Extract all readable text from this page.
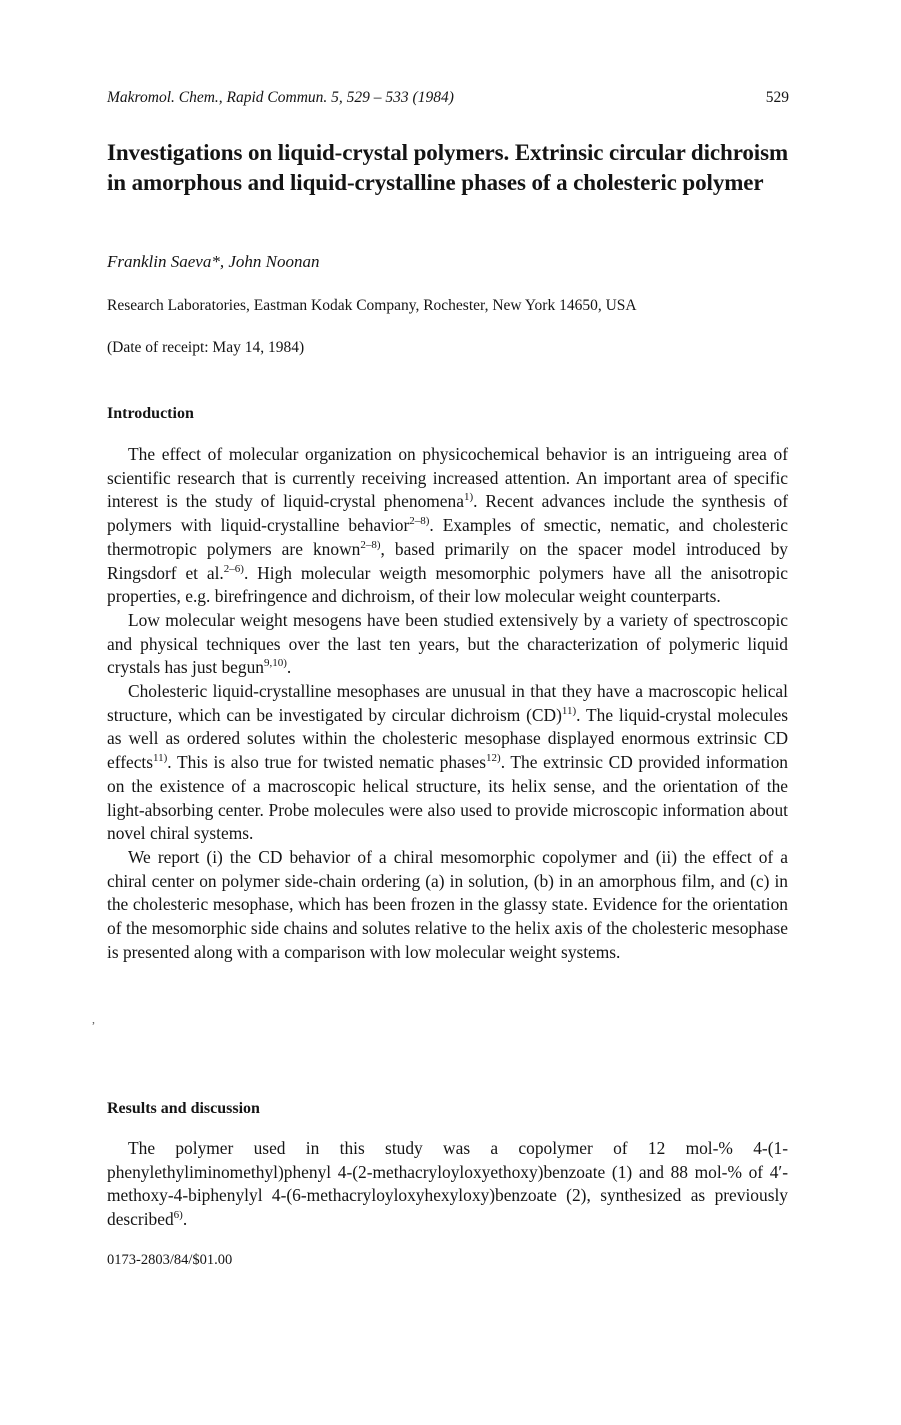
Makromol. Chem., Rapid Commun. 5, 529 – 533 (1984)	529
Investigations on liquid-crystal polymers. Extrinsic circular dichroism in amorphous and liquid-crystalline phases of a cholesteric polymer
Franklin Saeva*, John Noonan
Research Laboratories, Eastman Kodak Company, Rochester, New York 14650, USA
(Date of receipt: May 14, 1984)
Introduction

The effect of molecular organization on physicochemical behavior is an intrigueing area of scientific research that is currently receiving increased attention. An important area of specific interest is the study of liquid-crystal phenomena$^{1)}$. Recent advances include the synthesis of polymers with liquid-crystalline behavior$^{2-8)}$. Examples of smectic, nematic, and cholesteric thermotropic polymers are known$^{2-8)}$, based primarily on the spacer model introduced by Ringsdorf et al.$^{2-6)}$. High molecular weigth mesomorphic polymers have all the anisotropic properties, e.g. birefringence and dichroism, of their low molecular weight counterparts.

Low molecular weight mesogens have been studied extensively by a variety of spectroscopic and physical techniques over the last ten years, but the characterization of polymeric liquid crystals has just begun$^{9,10)}$.

Cholesteric liquid-crystalline mesophases are unusual in that they have a macroscopic helical structure, which can be investigated by circular dichroism (CD)$^{11)}$. The liquid-crystal molecules as well as ordered solutes within the cholesteric mesophase displayed enormous extrinsic CD effects$^{11)}$. This is also true for twisted nematic phases$^{12)}$. The extrinsic CD provided information on the existence of a macroscopic helical structure, its helix sense, and the orientation of the light-absorbing center. Probe molecules were also used to provide microscopic information about novel chiral systems.

We report (i) the CD behavior of a chiral mesomorphic copolymer and (ii) the effect of a chiral center on polymer side-chain ordering (a) in solution, (b) in an amorphous film, and (c) in the cholesteric mesophase, which has been frozen in the glassy state. Evidence for the orientation of the mesomorphic side chains and solutes relative to the helix axis of the cholesteric mesophase is presented along with a comparison with low molecular weight systems.

,
Results and discussion

The polymer used in this study was a copolymer of 12 mol-% 4-(1-phenylethyliminomethyl)phenyl 4-(2-methacryloyloxyethoxy)benzoate (1) and 88 mol-% of 4′-methoxy-4-biphenylyl 4-(6-methacryloyloxyhexyloxy)benzoate (2), synthesized as previously described$^{6)}$.

0173-2803/84/$01.00
